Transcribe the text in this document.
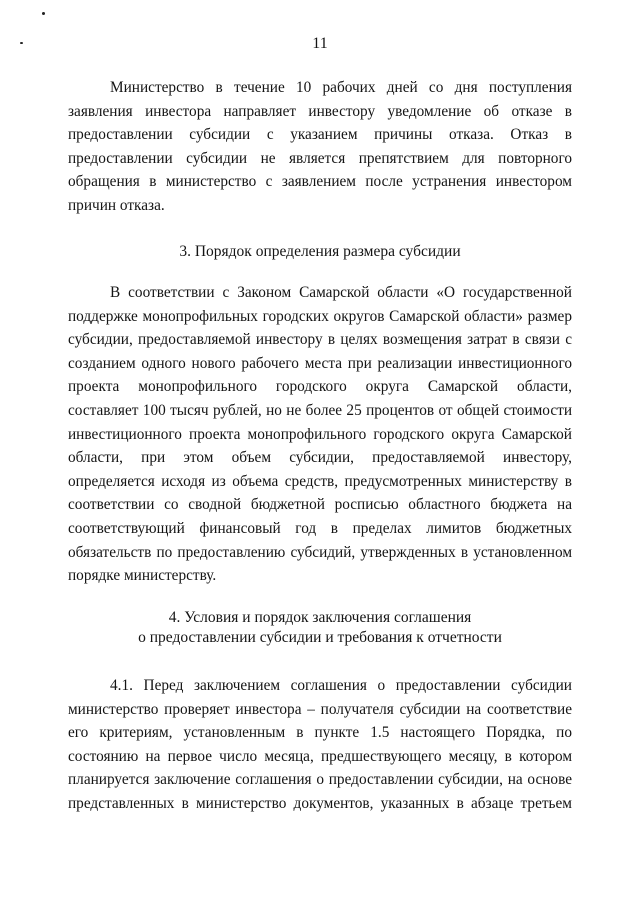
11
Министерство в течение 10 рабочих дней со дня поступления
заявления инвестора направляет инвестору уведомление об отказе в
предоставлении субсидии с указанием причины отказа. Отказ в
предоставлении субсидии не является препятствием для повторного
обращения в министерство с заявлением после устранения инвестором
причин отказа.
3. Порядок определения размера субсидии
В соответствии с Законом Самарской области «О государственной
поддержке монопрофильных городских округов Самарской области» размер
субсидии, предоставляемой инвестору в целях возмещения затрат в связи с
созданием одного нового рабочего места при реализации инвестиционного
проекта монопрофильного городского округа Самарской области,
составляет 100 тысяч рублей, но не более 25 процентов от общей стоимости
инвестиционного проекта монопрофильного городского округа Самарской
области, при этом объем субсидии, предоставляемой инвестору,
определяется исходя из объема средств, предусмотренных министерству в
соответствии со сводной бюджетной росписью областного бюджета на
соответствующий финансовый год в пределах лимитов бюджетных
обязательств по предоставлению субсидий, утвержденных в установленном
порядке министерству.
4. Условия и порядок заключения соглашения
о предоставлении субсидии и требования к отчетности
4.1. Перед заключением соглашения о предоставлении субсидии
министерство проверяет инвестора – получателя субсидии на соответствие
его критериям, установленным в пункте 1.5 настоящего Порядка, по
состоянию на первое число месяца, предшествующего месяцу, в котором
планируется заключение соглашения о предоставлении субсидии, на основе
представленных в министерство документов, указанных в абзаце третьем
